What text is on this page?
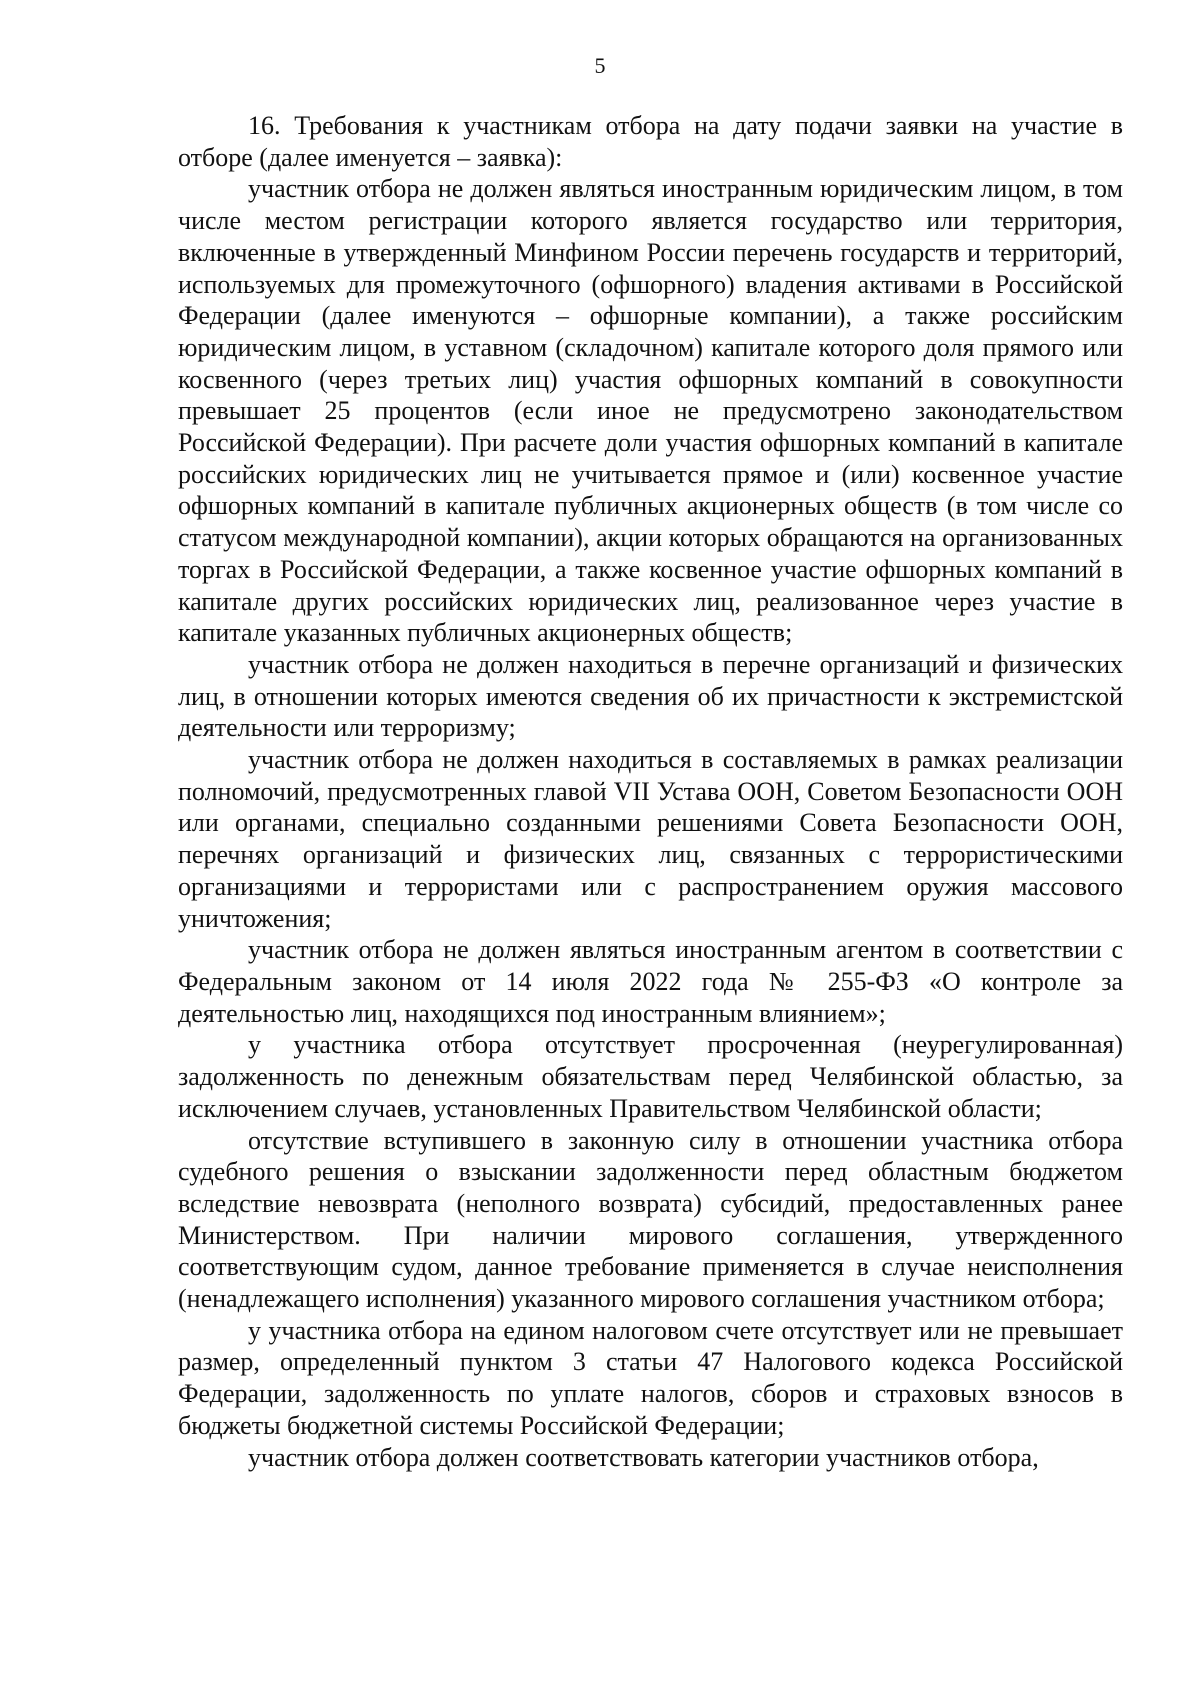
5

16. Требования к участникам отбора на дату подачи заявки на участие в отборе (далее именуется – заявка):

участник отбора не должен являться иностранным юридическим лицом, в том числе местом регистрации которого является государство или территория, включенные в утвержденный Минфином России перечень государств и территорий, используемых для промежуточного (офшорного) владения активами в Российской Федерации (далее именуются – офшорные компании), а также российским юридическим лицом, в уставном (складочном) капитале которого доля прямого или косвенного (через третьих лиц) участия офшорных компаний в совокупности превышает 25 процентов (если иное не предусмотрено законодательством Российской Федерации). При расчете доли участия офшорных компаний в капитале российских юридических лиц не учитывается прямое и (или) косвенное участие офшорных компаний в капитале публичных акционерных обществ (в том числе со статусом международной компании), акции которых обращаются на организованных торгах в Российской Федерации, а также косвенное участие офшорных компаний в капитале других российских юридических лиц, реализованное через участие в капитале указанных публичных акционерных обществ;

участник отбора не должен находиться в перечне организаций и физических лиц, в отношении которых имеются сведения об их причастности к экстремистской деятельности или терроризму;

участник отбора не должен находиться в составляемых в рамках реализации полномочий, предусмотренных главой VII Устава ООН, Советом Безопасности ООН или органами, специально созданными решениями Совета Безопасности ООН, перечнях организаций и физических лиц, связанных с террористическими организациями и террористами или с распространением оружия массового уничтожения;

участник отбора не должен являться иностранным агентом в соответствии с Федеральным законом от 14 июля 2022 года № 255-ФЗ «О контроле за деятельностью лиц, находящихся под иностранным влиянием»;

у участника отбора отсутствует просроченная (неурегулированная) задолженность по денежным обязательствам перед Челябинской областью, за исключением случаев, установленных Правительством Челябинской области;

отсутствие вступившего в законную силу в отношении участника отбора судебного решения о взыскании задолженности перед областным бюджетом вследствие невозврата (неполного возврата) субсидий, предоставленных ранее Министерством. При наличии мирового соглашения, утвержденного соответствующим судом, данное требование применяется в случае неисполнения (ненадлежащего исполнения) указанного мирового соглашения участником отбора;

у участника отбора на едином налоговом счете отсутствует или не превышает размер, определенный пунктом 3 статьи 47 Налогового кодекса Российской Федерации, задолженность по уплате налогов, сборов и страховых взносов в бюджеты бюджетной системы Российской Федерации;

участник отбора должен соответствовать категории участников отбора,
